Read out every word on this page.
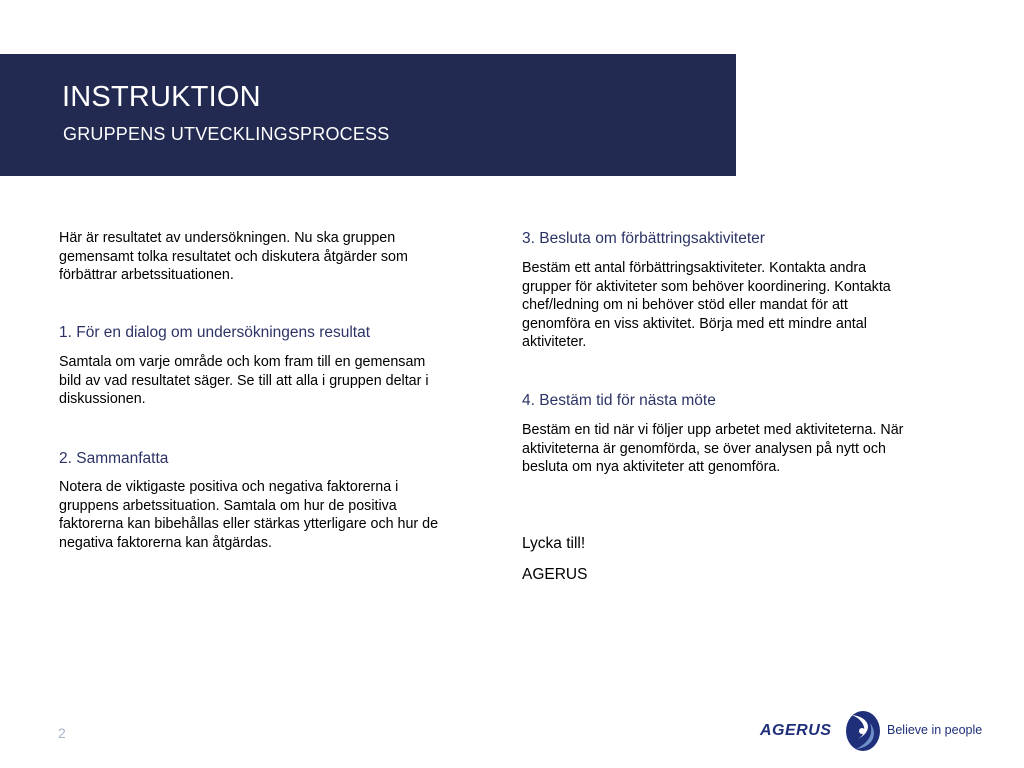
INSTRUKTION
GRUPPENS UTVECKLINGSPROCESS

Här är resultatet av undersökningen. Nu ska gruppen gemensamt tolka resultatet och diskutera åtgärder som förbättrar arbetssituationen.

1. För en dialog om undersökningens resultat

Samtala om varje område och kom fram till en gemensam bild av vad resultatet säger. Se till att alla i gruppen deltar i diskussionen.

2. Sammanfatta

Notera de viktigaste positiva och negativa faktorerna i gruppens arbetssituation. Samtala om hur de positiva faktorerna kan bibehållas eller stärkas ytterligare och hur de negativa faktorerna kan åtgärdas.

3. Besluta om förbättringsaktiviteter

Bestäm ett antal förbättringsaktiviteter. Kontakta andra grupper för aktiviteter som behöver koordinering. Kontakta chef/ledning om ni behöver stöd eller mandat för att genomföra en viss aktivitet. Börja med ett mindre antal aktiviteter.

4. Bestäm tid för nästa möte

Bestäm en tid när vi följer upp arbetet med aktiviteterna. När aktiviteterna är genomförda, se över analysen på nytt och besluta om nya aktiviteter att genomföra.

Lycka till!

AGERUS

2	AGERUS	Believe in people
